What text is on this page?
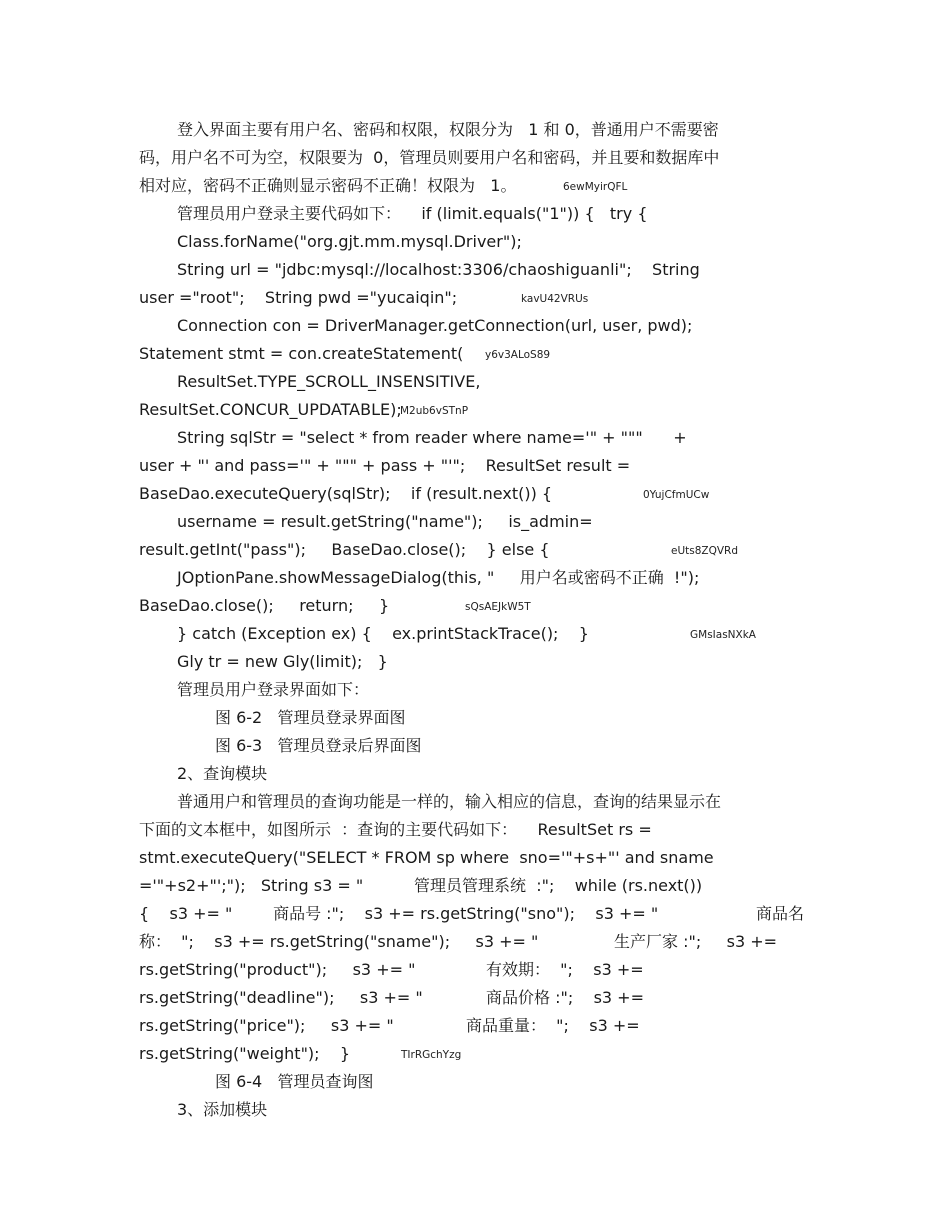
登入界面主要有用户名、密码和权限，权限分为   1 和 0，普通用户不需要密
码，用户名不可为空，权限要为  0，管理员则要用户名和密码，并且要和数据库中
相对应，密码不正确则显示密码不正确！权限为   1。
管理员用户登录主要代码如下：    if (limit.equals("1")) {   try {
Class.forName("org.gjt.mm.mysql.Driver");
String url = "jdbc:mysql://localhost:3306/chaoshiguanli";    String
user ="root";    String pwd ="yucaiqin";
Connection con = DriverManager.getConnection(url, user, pwd);
Statement stmt = con.createStatement(
ResultSet.TYPE_SCROLL_INSENSITIVE,
ResultSet.CONCUR_UPDATABLE);
String sqlStr = "select * from reader where name='" + """      +
user + "' and pass='" + """ + pass + "'";    ResultSet result =
BaseDao.executeQuery(sqlStr);    if (result.next()) {
username = result.getString("name");     is_admin=
result.getInt("pass");     BaseDao.close();    } else {
JOptionPane.showMessageDialog(this, "     用户名或密码不正确  !");
BaseDao.close();     return;     }
} catch (Exception ex) {    ex.printStackTrace();    }
Gly tr = new Gly(limit);   }
管理员用户登录界面如下：
图 6-2   管理员登录界面图
图 6-3   管理员登录后界面图
2、查询模块
普通用户和管理员的查询功能是一样的，输入相应的信息，查询的结果显示在
下面的文本框中，如图所示  ：查询的主要代码如下：    ResultSet rs =
stmt.executeQuery("SELECT * FROM sp where  sno='"+s+"' and sname
='"+s2+"';");   String s3 = "          管理员管理系统  :";    while (rs.next())
{    s3 += "        商品号 :";    s3 += rs.getString("sno");    s3 += "
称：  ";    s3 += rs.getString("sname");     s3 += "
rs.getString("product");     s3 += "
rs.getString("deadline");     s3 += "
rs.getString("price");     s3 += "
rs.getString("weight");    }
图 6-4   管理员查询图
3、添加模块
商品名
生产厂家 :";     s3 +=
有效期：  ";    s3 +=
商品价格 :";    s3 +=
商品重量：  ";    s3 +=
6ewMyirQFL
kavU42VRUs
y6v3ALoS89
M2ub6vSTnP
0YujCfmUCw
eUts8ZQVRd
sQsAEJkW5T
GMsIasNXkA
TIrRGchYzg
